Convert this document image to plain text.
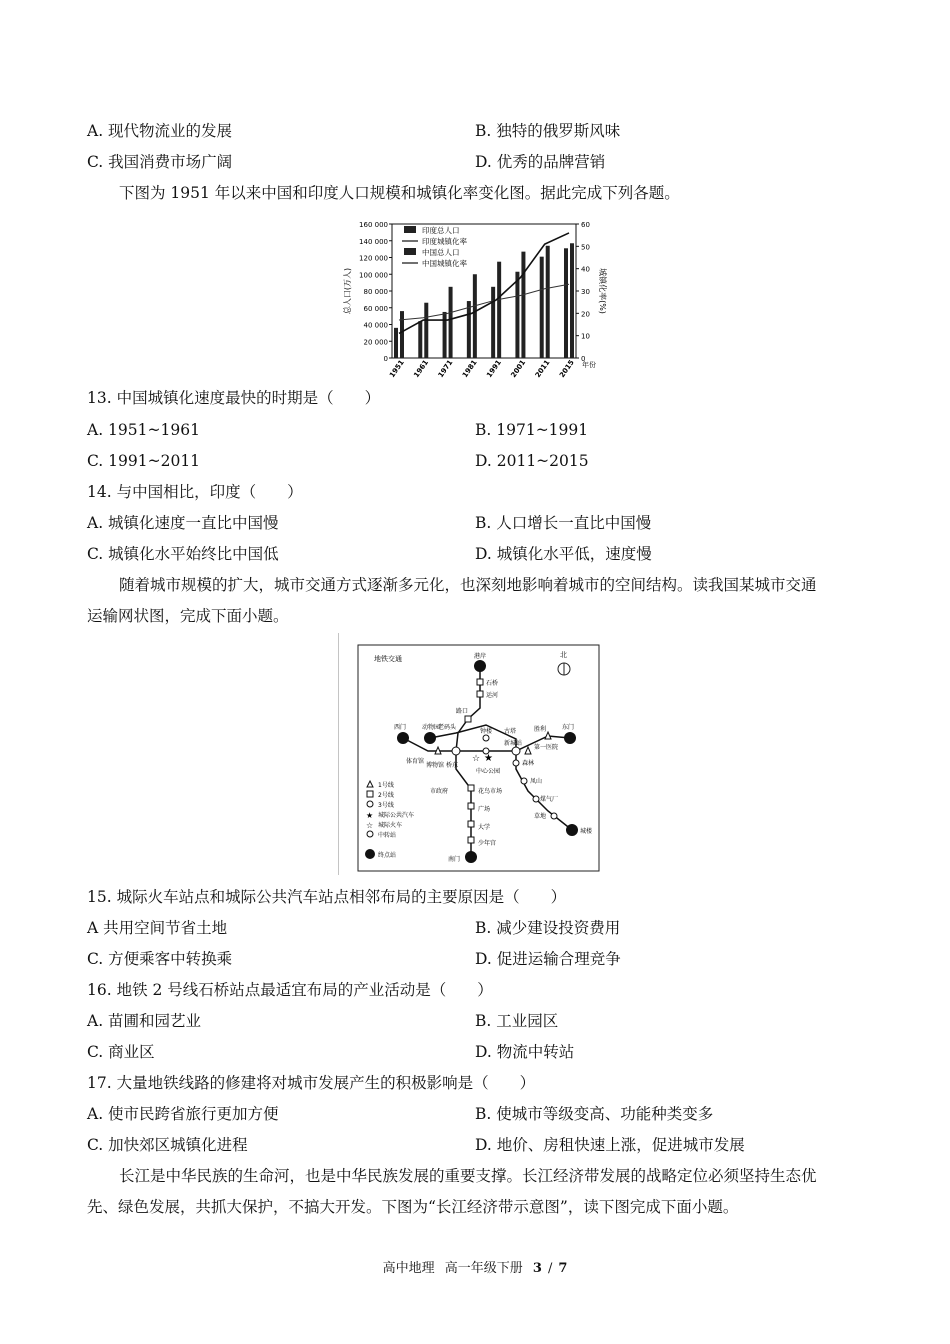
A. 现代物流业的发展	B. 独特的俄罗斯风味
C. 我国消费市场广阔	D. 优秀的品牌营销
下图为 1951 年以来中国和印度人口规模和城镇化率变化图。据此完成下列各题。
0
20 000
40 000
60 000
80 000
100 000
120 000
140 000
160 000
0
10
20
30
40
50
60
总人口(万人)	城镇化率(%)
1951 1961 1971 1981 1991 2001 2011 2015 年份
印度总人口
印度城镇化率
中国总人口
中国城镇化率
13. 中国城镇化速度最快的时期是（　　）
A. 1951~1961	B. 1971~1991
C. 1991~2011	D. 2011~2015
14. 与中国相比，印度（　　）
A. 城镇化速度一直比中国慢	B. 人口增长一直比中国慢
C. 城镇化水平始终比中国低	D. 城镇化水平低，速度慢
随着城市规模的扩大，城市交通方式逐渐多元化，也深刻地影响着城市的空间结构。读我国某城市交通
运输网状图，完成下面小题。
地铁交通	北
★
☆
港岸
石桥
运河
路口
老码头
钟楼 古塔	胜利	东门
西门	动物园
体育馆
博物馆 桥东
中心公园
新城站
第一医院
森林
凤山
煤气厂
草地
城楼
市政府	花鸟市场
广场
大学
少年宫
南门
1号线
2号线
3号线
★ 城际公共汽车
☆ 城际火车
中转站
终点站
15. 城际火车站点和城际公共汽车站点相邻布局的主要原因是（　　）
A 共用空间节省土地	B. 减少建设投资费用
C. 方便乘客中转换乘	D. 促进运输合理竞争
16. 地铁 2 号线石桥站点最适宜布局的产业活动是（　　）
A. 苗圃和园艺业	B. 工业园区
C. 商业区	D. 物流中转站
17. 大量地铁线路的修建将对城市发展产生的积极影响是（　　）
A. 使市民跨省旅行更加方便	B. 使城市等级变高、功能种类变多
C. 加快郊区城镇化进程	D. 地价、房租快速上涨，促进城市发展
长江是中华民族的生命河，也是中华民族发展的重要支撑。长江经济带发展的战略定位必须坚持生态优
先、绿色发展，共抓大保护，不搞大开发。下图为“长江经济带示意图”，读下图完成下面小题。
高中地理 高一年级下册 3 / 7
